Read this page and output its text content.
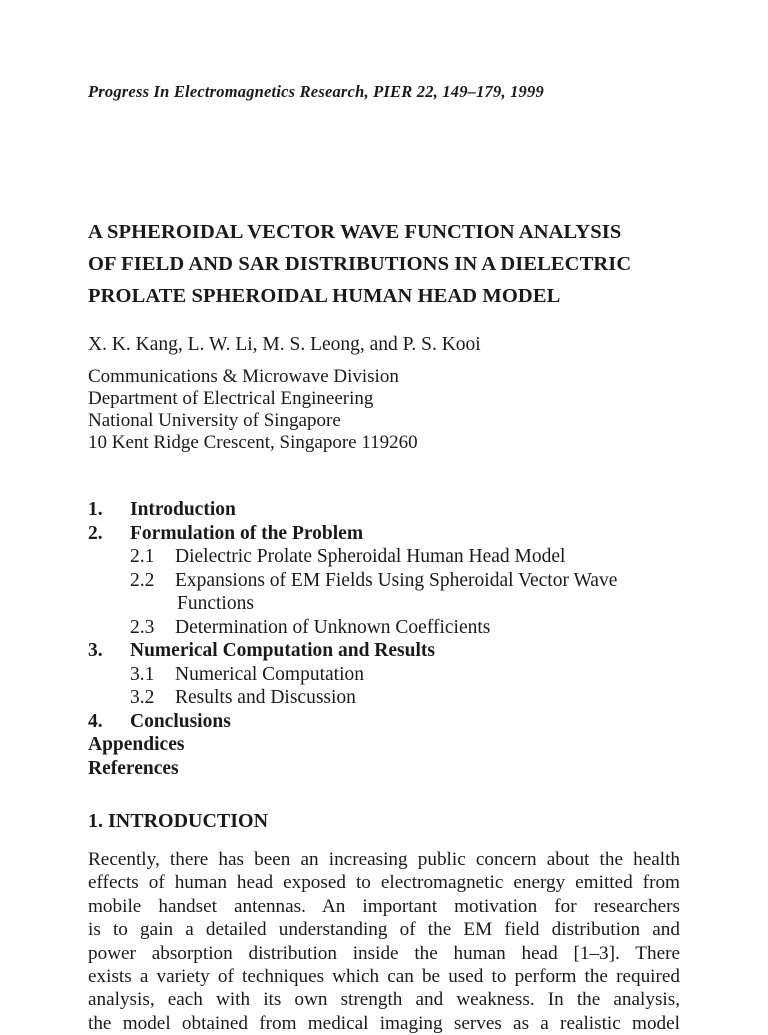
Progress In Electromagnetics Research, PIER 22, 149–179, 1999
A SPHEROIDAL VECTOR WAVE FUNCTION ANALYSIS
OF FIELD AND SAR DISTRIBUTIONS IN A DIELECTRIC
PROLATE SPHEROIDAL HUMAN HEAD MODEL
X. K. Kang, L. W. Li, M. S. Leong, and P. S. Kooi
Communications & Microwave Division
Department of Electrical Engineering
National University of Singapore
10 Kent Ridge Crescent, Singapore 119260
1. Introduction
2. Formulation of the Problem
2.1 Dielectric Prolate Spheroidal Human Head Model
2.2 Expansions of EM Fields Using Spheroidal Vector Wave
Functions
2.3 Determination of Unknown Coefficients
3. Numerical Computation and Results
3.1 Numerical Computation
3.2 Results and Discussion
4. Conclusions
Appendices
References
1. INTRODUCTION
Recently, there has been an increasing public concern about the health
effects of human head exposed to electromagnetic energy emitted from
mobile handset antennas. An important motivation for researchers
is to gain a detailed understanding of the EM field distribution and
power absorption distribution inside the human head [1–3]. There
exists a variety of techniques which can be used to perform the required
analysis, each with its own strength and weakness. In the analysis,
the model obtained from medical imaging serves as a realistic model
